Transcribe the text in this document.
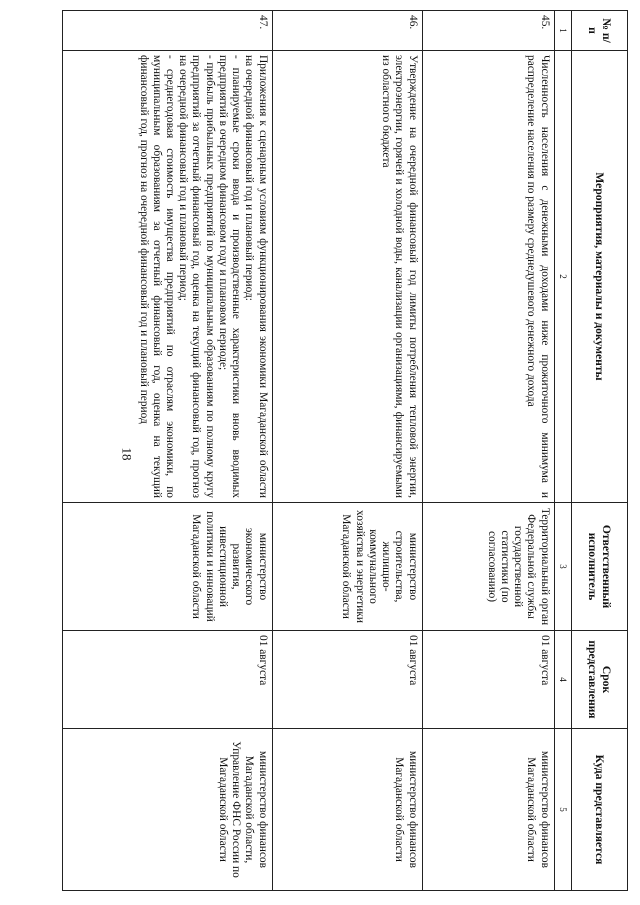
18
№ п/п	Мероприятия, материалы и документы	Ответственный исполнитель	Срок представления	Куда представляется
1	2	3	4	5
45.	Численность населения с денежными доходами ниже прожиточного минимума и распределение населения по размеру среднедушевого денежного дохода	Территориальный орган Федеральной службы государственной статистики (по согласованию)	01 августа	министерство финансов Магаданской области
46.	Утверждение на очередной финансовый год лимиты потребления тепловой энергии, электроэнергии, горячей и холодной воды, канализации организациями, финансируемыми из областного бюджета	министерство строительства, жилищно-коммунального хозяйства и энергетики Магаданской области	01 августа	министерство финансов Магаданской области
47.	Приложения к сценарным условиям функционирования экономики Магаданской области на очередной финансовый год и плановый период:
- планируемые сроки ввода и производственные характеристики вновь вводимых предприятий в очередном финансовом году и плановом периоде;
- прибыль прибыльных предприятий по муниципальным образованиям по полному кругу предприятий за отчетный финансовый год, оценка на текущий финансовый год, прогноз на очередной финансовый год и плановый период;
- среднегодовая стоимость имущества предприятий по отраслям экономики, по муниципальным образованиям за отчетный финансовый год, оценка на текущий финансовый год, прогноз на очередной финансовый год и плановый период	министерство экономического развития, инвестиционной политики и инноваций Магаданской области	01 августа	министерство финансов Магаданской области, Управление ФНС России по Магаданской области
